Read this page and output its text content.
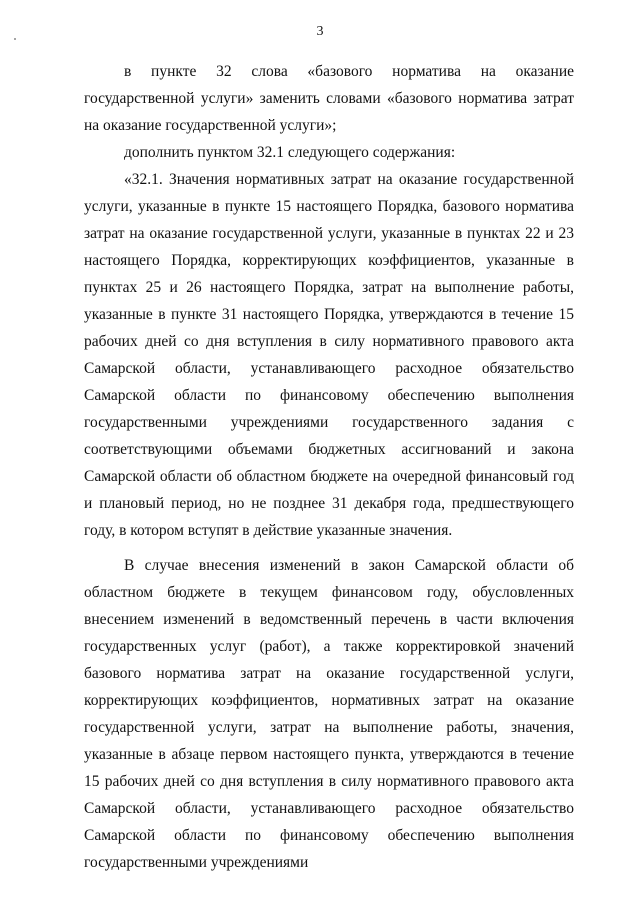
3

в пункте 32 слова «базового норматива на оказание государственной услуги» заменить словами «базового норматива затрат на оказание государственной услуги»;

дополнить пунктом 32.1 следующего содержания:

«32.1. Значения нормативных затрат на оказание государственной услуги, указанные в пункте 15 настоящего Порядка, базового норматива затрат на оказание государственной услуги, указанные в пунктах 22 и 23 настоящего Порядка, корректирующих коэффициентов, указанные в пунктах 25 и 26 настоящего Порядка, затрат на выполнение работы, указанные в пункте 31 настоящего Порядка, утверждаются в течение 15 рабочих дней со дня вступления в силу нормативного правового акта Самарской области, устанавливающего расходное обязательство Самарской области по финансовому обеспечению выполнения государственными учреждениями государственного задания с соответствующими объемами бюджетных ассигнований и закона Самарской области об областном бюджете на очередной финансовый год и плановый период, но не позднее 31 декабря года, предшествующего году, в котором вступят в действие указанные значения.

В случае внесения изменений в закон Самарской области об областном бюджете в текущем финансовом году, обусловленных внесением изменений в ведомственный перечень в части включения государственных услуг (работ), а также корректировкой значений базового норматива затрат на оказание государственной услуги, корректирующих коэффициентов, нормативных затрат на оказание государственной услуги, затрат на выполнение работы, значения, указанные в абзаце первом настоящего пункта, утверждаются в течение 15 рабочих дней со дня вступления в силу нормативного правового акта Самарской области, устанавливающего расходное обязательство Самарской области по финансовому обеспечению выполнения государственными учреждениями
